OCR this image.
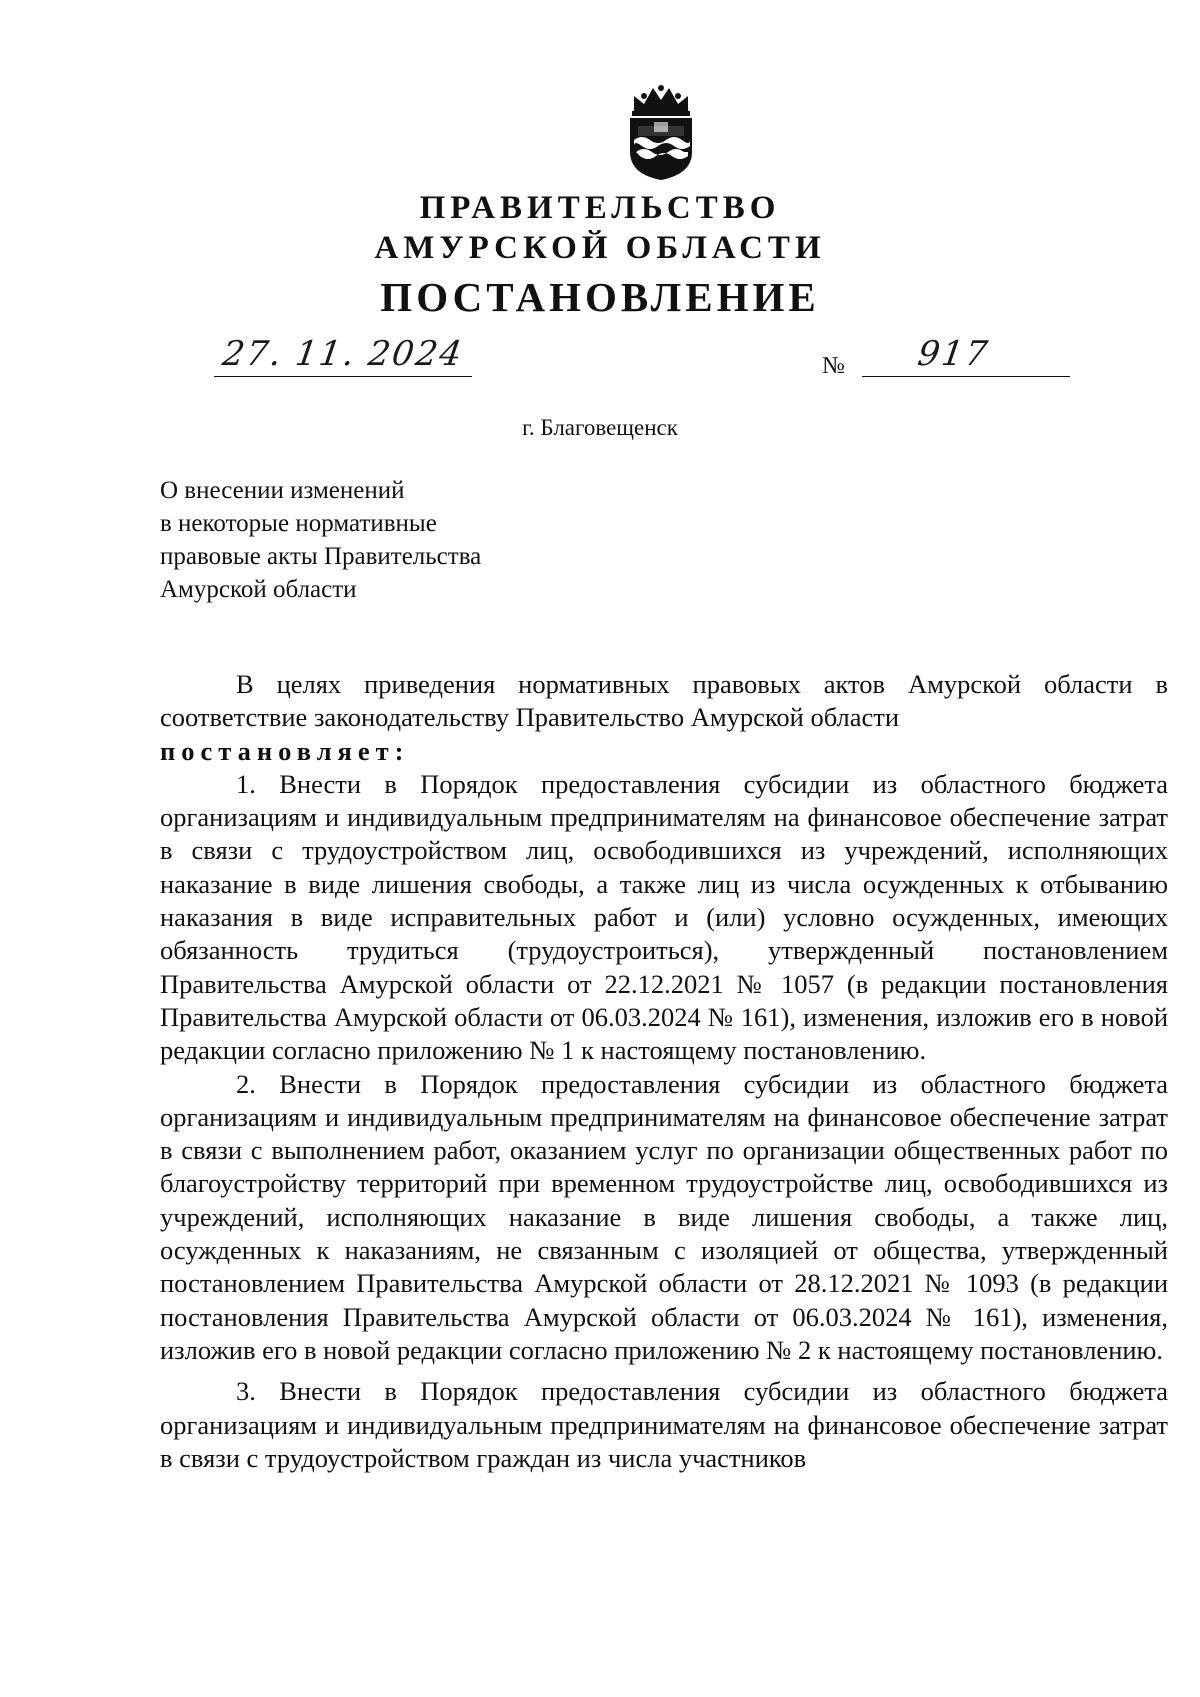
ПРАВИТЕЛЬСТВО
АМУРСКОЙ ОБЛАСТИ
ПОСТАНОВЛЕНИЕ
27. 11. 2024	№ 917
г. Благовещенск
О внесении изменений
в некоторые нормативные
правовые акты Правительства
Амурской области

В целях приведения нормативных правовых актов Амурской области в соответствие законодательству Правительство Амурской области

постановляет:

1. Внести в Порядок предоставления субсидии из областного бюджета организациям и индивидуальным предпринимателям на финансовое обеспечение затрат в связи с трудоустройством лиц, освободившихся из учреждений, исполняющих наказание в виде лишения свободы, а также лиц из числа осужденных к отбыванию наказания в виде исправительных работ и (или) условно осужденных, имеющих обязанность трудиться (трудоустроиться), утвержденный постановлением Правительства Амурской области от 22.12.2021 № 1057 (в редакции постановления Правительства Амурской области от 06.03.2024 № 161), изменения, изложив его в новой редакции согласно приложению № 1 к настоящему постановлению.

2. Внести в Порядок предоставления субсидии из областного бюджета организациям и индивидуальным предпринимателям на финансовое обеспечение затрат в связи с выполнением работ, оказанием услуг по организации общественных работ по благоустройству территорий при временном трудоустройстве лиц, освободившихся из учреждений, исполняющих наказание в виде лишения свободы, а также лиц, осужденных к наказаниям, не связанным с изоляцией от общества, утвержденный постановлением Правительства Амурской области от 28.12.2021 № 1093 (в редакции постановления Правительства Амурской области от 06.03.2024 № 161), изменения, изложив его в новой редакции согласно приложению № 2 к настоящему постановлению.

3. Внести в Порядок предоставления субсидии из областного бюджета организациям и индивидуальным предпринимателям на финансовое обеспечение затрат в связи с трудоустройством граждан из числа участников
